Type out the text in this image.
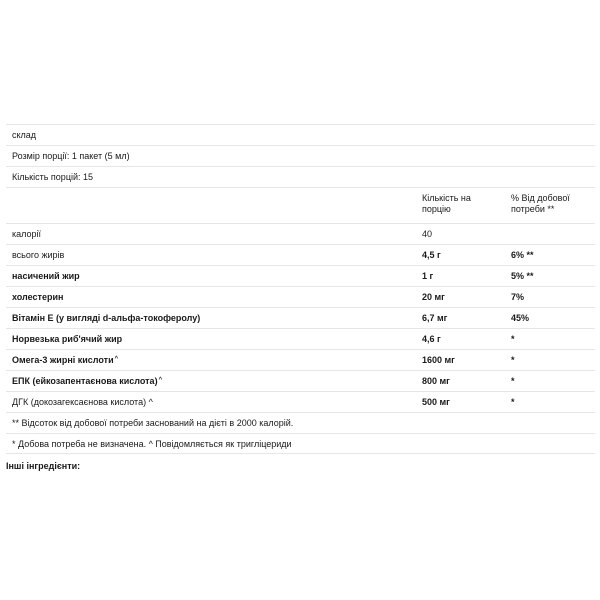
склад
Розмір порції: 1 пакет (5 мл)
Кількість порцій: 15
Кількість на порцію
% Від добової потреби **
калорії	40
всього жирів	4,5 г	6% **
насичений жир	1 г	5% **
холестерин	20 мг	7%
Вітамін Е (у вигляді d-альфа-токоферолу)	6,7 мг	45%
Норвезька риб'ячий жир	4,6 г	*
Омега-3 жирні кислоти^	1600 мг	*
ЕПК (ейкозапентаєнова кислота)^	800 мг	*
ДГК (докозагексаєнова кислота) ^	500 мг	*
** Відсоток від добової потреби заснований на дієті в 2000 калорій.
* Добова потреба не визначена. ^ Повідомляється як тригліцериди
Інші інгредієнти:
